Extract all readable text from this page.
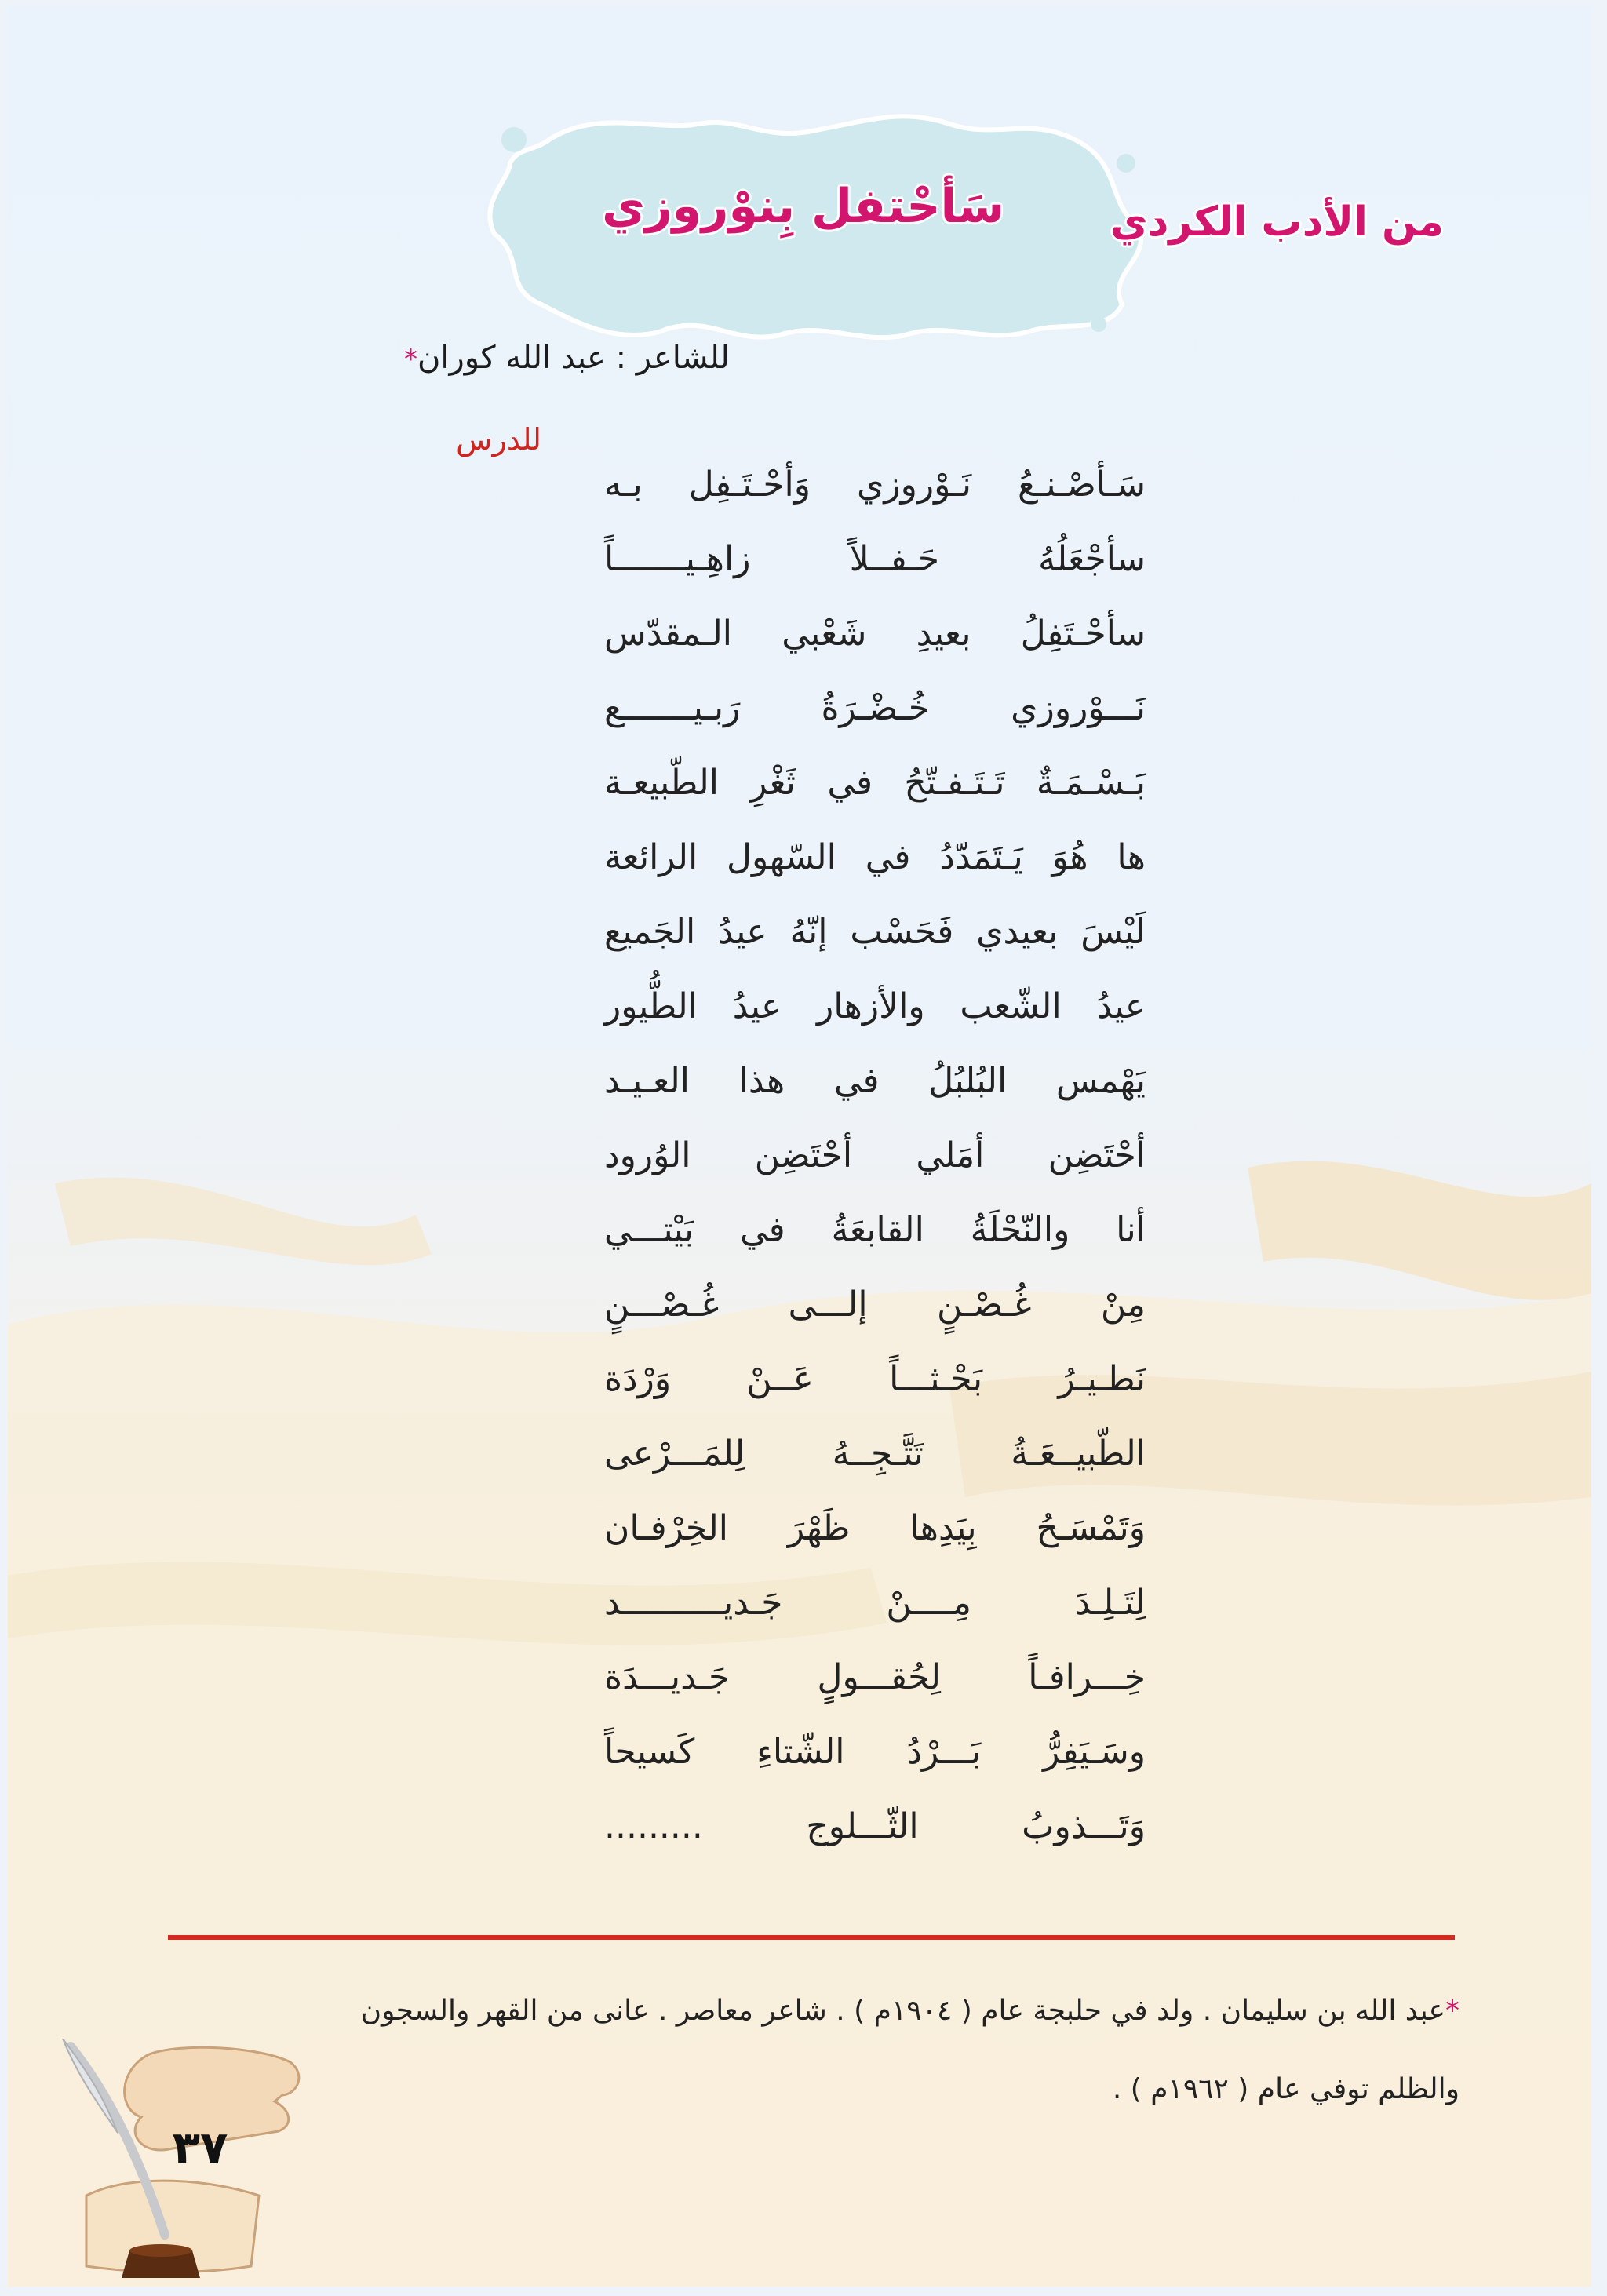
سَأحْتفل بِنوْروزي	من الأدب الكردي
للشاعر : عبد الله كوران*
للدرس
سَـأصْـنـعُ نَـوْروزي وَأحْـتَـفِل بـه
سأجْعَلُهُ حَـفــلاً زاهِـيـــــــاً
سأحْـتَفِلُ بعيدِ شَعْبي الـمقدّس
نَـــوْروزي خُـضْـرَةُ رَبـيـــــــع
بَـسْـمَـةٌ تَـتَـفـتّحُ في ثَغْرِ الطّبيعـة
ها هُوَ يَـتَمَدّدُ في السّهول الرائعة
لَيْسَ بعيدي فَحَسْب إنّهُ عيدُ الجَميع
عيدُ الشّعب والأزهار عيدُ الطُّيور
يَهْمس البُلبُلُ في هذا العـيـد
أحْتَضِن أمَلي أحْتَضِن الوُرود
أنا والنّحْلَةُ القابعَةُ في بَيْتـــي
مِنْ غُـصْـنٍ إلـــى غُـصْـــنٍ
نَطـيـرُ بَحْـثـــاً عَــنْ وَرْدَة
الطّبيــعَـةُ تَتَّـجِــهُ لِلمَـــرْعى
وَتَمْسَـحُ بِيَدِها ظَهْرَ الخِرْفـان
لِتَـلِـدَ مِــــنْ جَـديــــــــــد
خِـــرافـاً لِحُقـــولٍ جَـديـــدَة
وسَـيَفِرُّ بَـــرْدُ الشّتاءِ كَسيحاً
وَتَـــذوبُ الثّـــلوج .........
*عبد الله بن سليمان . ولد في حلبجة عام ( ١٩٠٤م ) . شاعر معاصر . عانى من القهر والسجون
والظلم توفي عام ( ١٩٦٢م ) .
٣٧
